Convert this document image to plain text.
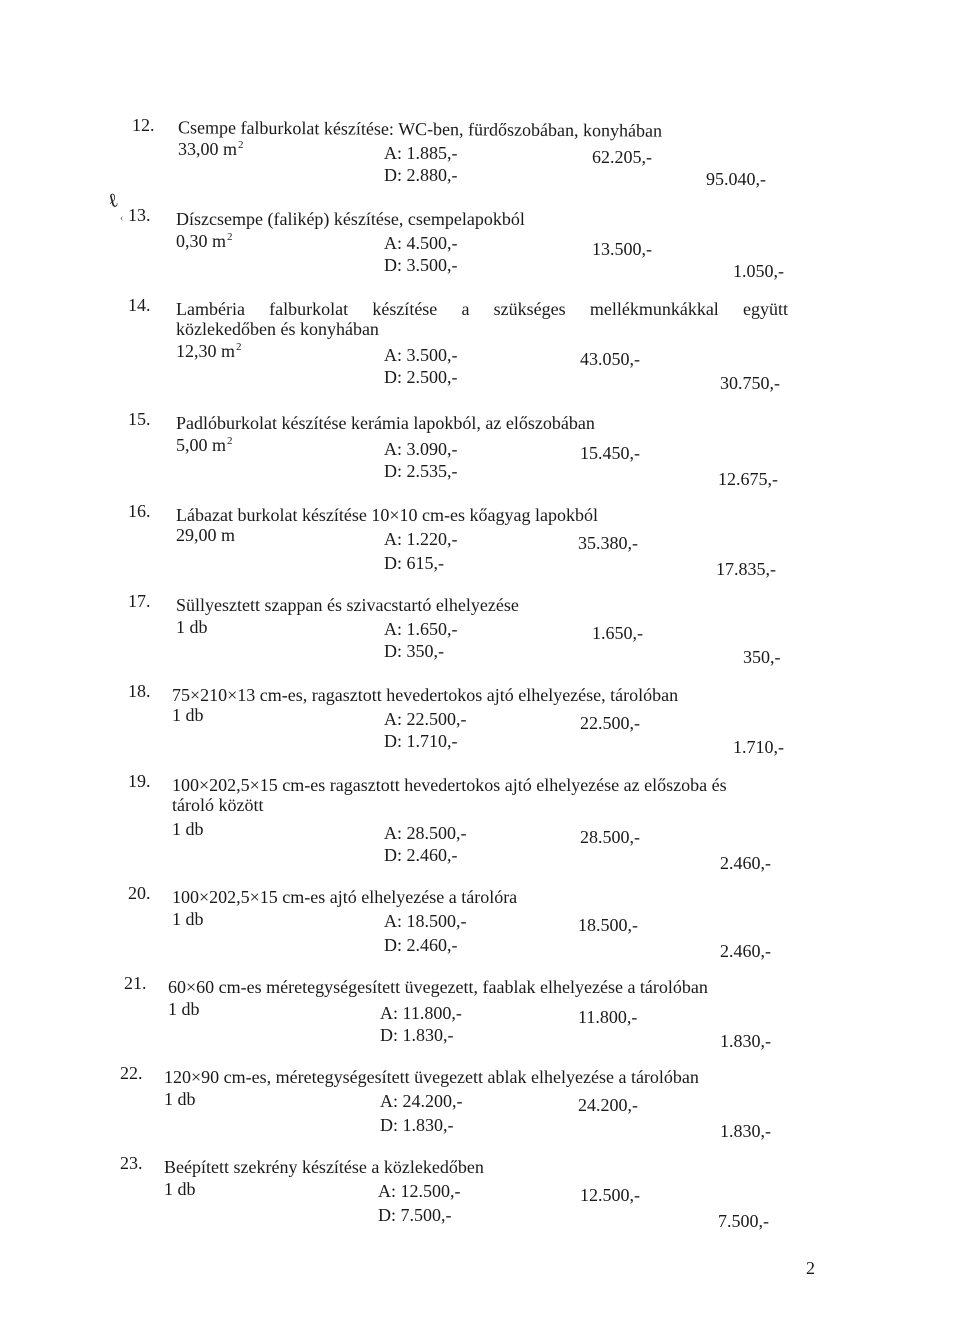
ℓ
‹
12. Csempe falburkolat készítése: WC-ben, fürdőszobában, konyhában
33,00 $m^2$	A: 1.885,-	62.205,-
D: 2.880,-	95.040,-
13. Díszcsempe (falikép) készítése, csempelapokból
0,30 $m^2$	A: 4.500,-	13.500,-
D: 3.500,-	1.050,-
14. Lambéria falburkolat készítése a szükséges mellékmunkákkal együtt
közlekedőben és konyhában
12,30 $m^2$	A: 3.500,-	43.050,-
D: 2.500,-	30.750,-
15. Padlóburkolat készítése kerámia lapokból, az előszobában
5,00 $m^2$	A: 3.090,-	15.450,-
D: 2.535,-	12.675,-
16. Lábazat burkolat készítése 10×10 cm-es kőagyag lapokból
29,00 m	A: 1.220,-	35.380,-
D: 615,-	17.835,-
17. Süllyesztett szappan és szivacstartó elhelyezése
1 db	A: 1.650,-	1.650,-
D: 350,-	350,-
18. 75×210×13 cm-es, ragasztott hevedertokos ajtó elhelyezése, tárolóban
1 db	A: 22.500,-	22.500,-
D: 1.710,-	1.710,-
19. 100×202,5×15 cm-es ragasztott hevedertokos ajtó elhelyezése az előszoba és
tároló között
1 db	A: 28.500,-	28.500,-
D: 2.460,-	2.460,-
20. 100×202,5×15 cm-es ajtó elhelyezése a tárolóra
1 db	A: 18.500,-	18.500,-
D: 2.460,-	2.460,-
21. 60×60 cm-es méretegységesített üvegezett, faablak elhelyezése a tárolóban
1 db	A: 11.800,-	11.800,-
D: 1.830,-	1.830,-
22. 120×90 cm-es, méretegységesített üvegezett ablak elhelyezése a tárolóban
1 db	A: 24.200,-	24.200,-
D: 1.830,-	1.830,-
23. Beépített szekrény készítése a közlekedőben
1 db	A: 12.500,-	12.500,-
D: 7.500,-	7.500,-
2
